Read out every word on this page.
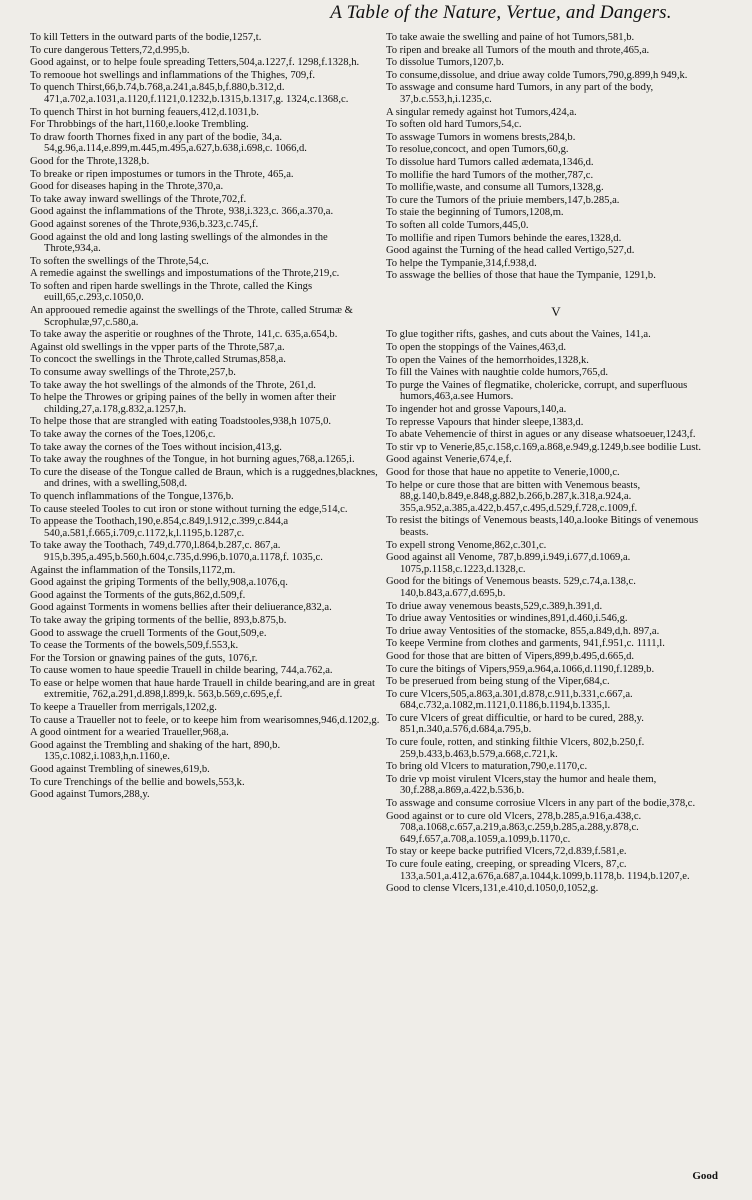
A Table of the Nature, Vertue, and Dangers.
To kill Tetters in the outward parts of the bodie,1257,t.
To cure dangerous Tetters,72,d.995,b.
Good against, or to helpe foule spreading Tetters,504,a.1227,f. 1298,f.1328,h.
To remooue hot swellings and inflammations of the Thighes, 709,f.
To quench Thirst,66,b.74,b.768,a.241,a.845,b,f.880,b.312,d. 471,a.702,a.1031,a.1120,f.1121,0.1232,b.1315,b.1317,g. 1324,c.1368,c.
To quench Thirst in hot burning feauers,412,d.1031,b.
For Throbbings of the hart,1160,e.looke Trembling.
To draw foorth Thornes fixed in any part of the bodie, 34,a. 54,g.96,a.114,e.899,m.445,m.495,a.627,b.638,i.698,c. 1066,d.
Good for the Throte,1328,b.
To breake or ripen impostumes or tumors in the Throte, 465,a.
Good for diseases haping in the Throte,370,a.
To take away inward swellings of the Throte,702,f.
Good against the inflammations of the Throte, 938,i.323,c. 366,a.370,a.
Good against sorenes of the Throte,936,b.323,c.745,f.
Good against the old and long lasting swellings of the almondes in the Throte,934,a.
To soften the swellings of the Throte,54,c.
A remedie against the swellings and impostumations of the Throte,219,c.
To soften and ripen harde swellings in the Throte, called the Kings euill,65,c.293,c.1050,0.
An approoued remedie against the swellings of the Throte, called Strumæ & Scrophulæ,97,c.580,a.
To take away the asperitie or roughnes of the Throte, 141,c. 635,a.654,b.
Against old swellings in the vpper parts of the Throte,587,a.
To concoct the swellings in the Throte,called Strumas,858,a.
To consume away swellings of the Throte,257,b.
To take away the hot swellings of the almonds of the Throte, 261,d.
To helpe the Throwes or griping paines of the belly in women after their childing,27,a.178,g.832,a.1257,h.
To helpe those that are strangled with eating Toadstooles,938,h 1075,0.
To take away the cornes of the Toes,1206,c.
To take away the cornes of the Toes without incision,413,g.
To take away the roughnes of the Tongue, in hot burning agues,768,a.1265,i.
To cure the disease of the Tongue called de Braun, which is a ruggednes,blacknes, and drines, with a swelling,508,d.
To quench inflammations of the Tongue,1376,b.
To cause steeled Tooles to cut iron or stone without turning the edge,514,c.
To appease the Toothach,190,e.854,c.849,l.912,c.399,c.844,a 540,a.581,f.665,i.709,c.1172,k,l.1195,b.1287,c.
To take away the Toothach, 749,d.770,l.864,b.287,c. 867,a. 915,b.395,a.495,b.560,h.604,c.735,d.996,b.1070,a.1178,f. 1035,c.
Against the inflammation of the Tonsils,1172,m.
Good against the griping Torments of the belly,908,a.1076,q.
Good against the Torments of the guts,862,d.509,f.
Good against Torments in womens bellies after their deliuerance,832,a.
To take away the griping torments of the bellie, 893,b.875,b.
Good to asswage the cruell Torments of the Gout,509,e.
To cease the Torments of the bowels,509,f.553,k.
For the Torsion or gnawing paines of the guts, 1076,r.
To cause women to haue speedie Trauell in childe bearing, 744,a.762,a.
To ease or helpe women that haue harde Trauell in childe bearing,and are in great extremitie, 762,a.291,d.898,l.899,k. 563,b.569,c.695,e,f.
To keepe a Traueller from merrigals,1202,g.
To cause a Traueller not to feele, or to keepe him from wearisomnes,946,d.1202,g.
A good ointment for a wearied Traueller,968,a.
Good against the Trembling and shaking of the hart, 890,b. 135,c.1082,i.1083,h,n.1160,e.
Good against Trembling of sinewes,619,b.
To cure Trenchings of the bellie and bowels,553,k.
Good against Tumors,288,y.
To take awaie the swelling and paine of hot Tumors,581,b.
To ripen and breake all Tumors of the mouth and throte,465,a.
To dissolue Tumors,1207,b.
To consume,dissolue, and driue away colde Tumors,790,g.899,h 949,k.
To asswage and consume hard Tumors, in any part of the body, 37,b.c.553,h,i.1235,c.
A singular remedy against hot Tumors,424,a.
To soften old hard Tumors,54,c.
To asswage Tumors in womens brests,284,b.
To resolue,concoct, and open Tumors,60,g.
To dissolue hard Tumors called ædemata,1346,d.
To mollifie the hard Tumors of the mother,787,c.
To mollifie,waste, and consume all Tumors,1328,g.
To cure the Tumors of the priuie members,147,b.285,a.
To staie the beginning of Tumors,1208,m.
To soften all colde Tumors,445,0.
To mollifie and ripen Tumors behinde the eares,1328,d.
Good against the Turning of the head called Vertigo,527,d.
To helpe the Tympanie,314,f.938,d.
To asswage the bellies of those that haue the Tympanie, 1291,b.
V
To glue togither rifts, gashes, and cuts about the Vaines, 141,a.
To open the stoppings of the Vaines,463,d.
To open the Vaines of the hemorrhoides,1328,k.
To fill the Vaines with naughtie colde humors,765,d.
To purge the Vaines of flegmatike, cholericke, corrupt, and superfluous humors,463,a.see Humors.
To ingender hot and grosse Vapours,140,a.
To represse Vapours that hinder sleepe,1383,d.
To abate Vehemencie of thirst in agues or any disease whatsoeuer,1243,f.
To stir vp to Venerie,85,c.158,c.169,a.868,e.949,g.1249,b.see bodilie Lust.
Good against Venerie,674,e,f.
Good for those that haue no appetite to Venerie,1000,c.
To helpe or cure those that are bitten with Venemous beasts, 88,g.140,b.849,e.848,g.882,b.266,b.287,k.318,a.924,a. 355,a.952,a.385,a.422,b.457,c.495,d.529,f.728,c.1009,f.
To resist the bitings of Venemous beasts,140,a.looke Bitings of venemous beasts.
To expell strong Venome,862,c.301,c.
Good against all Venome, 787,b.899,i.949,i.677,d.1069,a. 1075,p.1158,c.1223,d.1328,c.
Good for the bitings of Venemous beasts. 529,c.74,a.138,c. 140,b.843,a.677,d.695,b.
To driue away venemous beasts,529,c.389,h.391,d.
To driue away Ventosities or windines,891,d.460,i.546,g.
To driue away Ventosities of the stomacke, 855,a.849,d,h. 897,a.
To keepe Vermine from clothes and garments, 941,f.951,c. 1111,l.
Good for those that are bitten of Vipers,899,b.495,d.665,d.
To cure the bitings of Vipers,959,a.964,a.1066,d.1190,f.1289,b.
To be preserued from being stung of the Viper,684,c.
To cure Vlcers,505,a.863,a.301,d.878,c.911,b.331,c.667,a. 684,c.732,a.1082,m.1121,0.1186,b.1194,b.1335,l.
To cure Vlcers of great difficultie, or hard to be cured, 288,y. 851,n.340,a.576,d.684,a.795,b.
To cure foule, rotten, and stinking filthie Vlcers, 802,b.250,f. 259,b.433,b.463,b.579,a.668,c.721,k.
To bring old Vlcers to maturation,790,e.1170,c.
To drie vp moist virulent Vlcers,stay the humor and heale them, 30,f.288,a.869,a.422,b.536,b.
To asswage and consume corrosiue Vlcers in any part of the bodie,378,c.
Good against or to cure old Vlcers, 278,b.285,a.916,a.438,c. 708,a.1068,c.657,a.219,a.863,c.259,b.285,a.288,y.878,c. 649,f.657,a.708,a.1059,a.1099,b.1170,c.
To stay or keepe backe putrified Vlcers,72,d.839,f.581,e.
To cure foule eating, creeping, or spreading Vlcers, 87,c. 133,a.501,a.412,a.676,a.687,a.1044,k.1099,b.1178,b. 1194,b.1207,e.
Good to clense Vlcers,131,e.410,d.1050,0,1052,g.
Good
